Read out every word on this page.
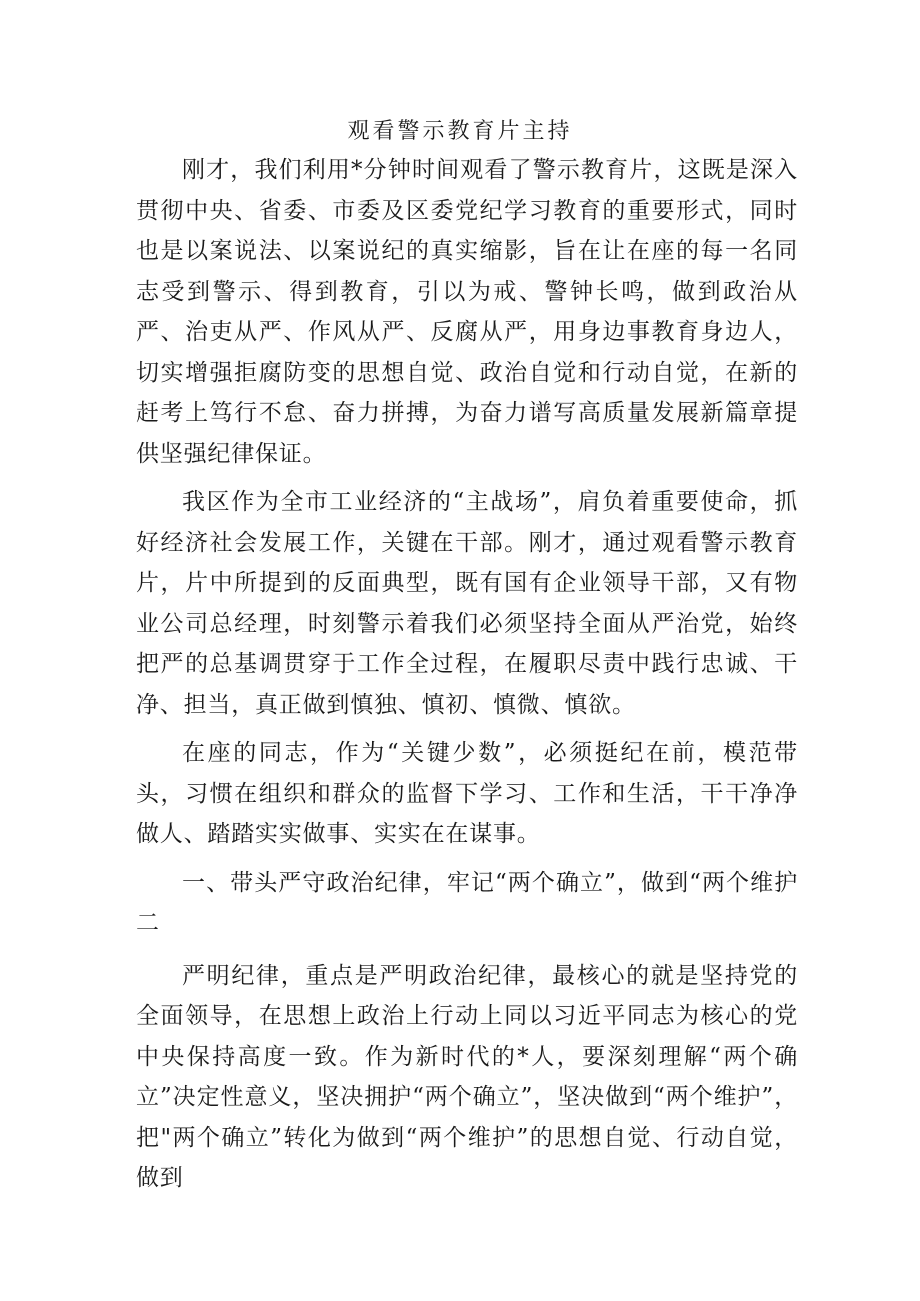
观看警示教育片主持

刚才，我们利用*分钟时间观看了警示教育片，这既是深入贯彻中央、省委、市委及区委党纪学习教育的重要形式，同时也是以案说法、以案说纪的真实缩影，旨在让在座的每一名同志受到警示、得到教育，引以为戒、警钟长鸣，做到政治从严、治吏从严、作风从严、反腐从严，用身边事教育身边人，切实增强拒腐防变的思想自觉、政治自觉和行动自觉，在新的赶考上笃行不怠、奋力拼搏，为奋力谱写高质量发展新篇章提供坚强纪律保证。

我区作为全市工业经济的“主战场”，肩负着重要使命，抓好经济社会发展工作，关键在干部。刚才，通过观看警示教育片，片中所提到的反面典型，既有国有企业领导干部，又有物业公司总经理，时刻警示着我们必须坚持全面从严治党，始终把严的总基调贯穿于工作全过程，在履职尽责中践行忠诚、干净、担当，真正做到慎独、慎初、慎微、慎欲。

在座的同志，作为“关键少数”，必须挺纪在前，模范带头，习惯在组织和群众的监督下学习、工作和生活，干干净净做人、踏踏实实做事、实实在在谋事。

一、带头严守政治纪律，牢记“两个确立”，做到“两个维护二

严明纪律，重点是严明政治纪律，最核心的就是坚持党的全面领导，在思想上政治上行动上同以习近平同志为核心的党中央保持高度一致。作为新时代的*人，要深刻理解“两个确立”决定性意义，坚决拥护“两个确立”，坚决做到“两个维护”，把"两个确立”转化为做到“两个维护”的思想自觉、行动自觉，做到
